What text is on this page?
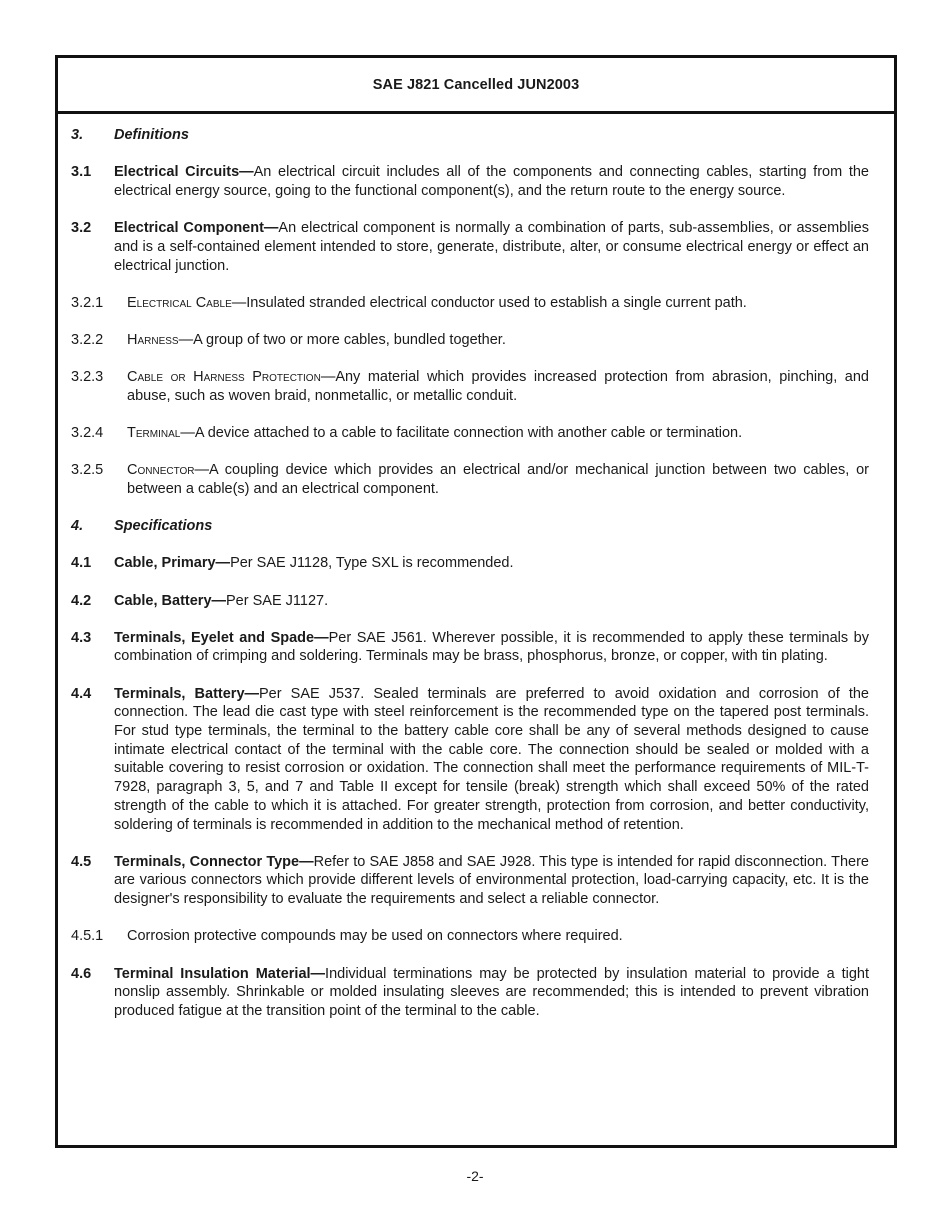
SAE J821 Cancelled JUN2003
3.	Definitions
3.1	Electrical Circuits—An electrical circuit includes all of the components and connecting cables, starting from the electrical energy source, going to the functional component(s), and the return route to the energy source.
3.2	Electrical Component—An electrical component is normally a combination of parts, sub-assemblies, or assemblies and is a self-contained element intended to store, generate, distribute, alter, or consume electrical energy or effect an electrical junction.
3.2.1	Electrical Cable—Insulated stranded electrical conductor used to establish a single current path.
3.2.2	Harness—A group of two or more cables, bundled together.
3.2.3	Cable or Harness Protection—Any material which provides increased protection from abrasion, pinching, and abuse, such as woven braid, nonmetallic, or metallic conduit.
3.2.4	Terminal—A device attached to a cable to facilitate connection with another cable or termination.
3.2.5	Connector—A coupling device which provides an electrical and/or mechanical junction between two cables, or between a cable(s) and an electrical component.
4.	Specifications
4.1	Cable, Primary—Per SAE J1128, Type SXL is recommended.
4.2	Cable, Battery—Per SAE J1127.
4.3	Terminals, Eyelet and Spade—Per SAE J561. Wherever possible, it is recommended to apply these terminals by combination of crimping and soldering. Terminals may be brass, phosphorus, bronze, or copper, with tin plating.
4.4	Terminals, Battery—Per SAE J537. Sealed terminals are preferred to avoid oxidation and corrosion of the connection. The lead die cast type with steel reinforcement is the recommended type on the tapered post terminals. For stud type terminals, the terminal to the battery cable core shall be any of several methods designed to cause intimate electrical contact of the terminal with the cable core. The connection should be sealed or molded with a suitable covering to resist corrosion or oxidation. The connection shall meet the performance requirements of MIL-T-7928, paragraph 3, 5, and 7 and Table II except for tensile (break) strength which shall exceed 50% of the rated strength of the cable to which it is attached. For greater strength, protection from corrosion, and better conductivity, soldering of terminals is recommended in addition to the mechanical method of retention.
4.5	Terminals, Connector Type—Refer to SAE J858 and SAE J928. This type is intended for rapid disconnection. There are various connectors which provide different levels of environmental protection, load-carrying capacity, etc. It is the designer's responsibility to evaluate the requirements and select a reliable connector.
4.5.1	Corrosion protective compounds may be used on connectors where required.
4.6	Terminal Insulation Material—Individual terminations may be protected by insulation material to provide a tight nonslip assembly. Shrinkable or molded insulating sleeves are recommended; this is intended to prevent vibration produced fatigue at the transition point of the terminal to the cable.
-2-
